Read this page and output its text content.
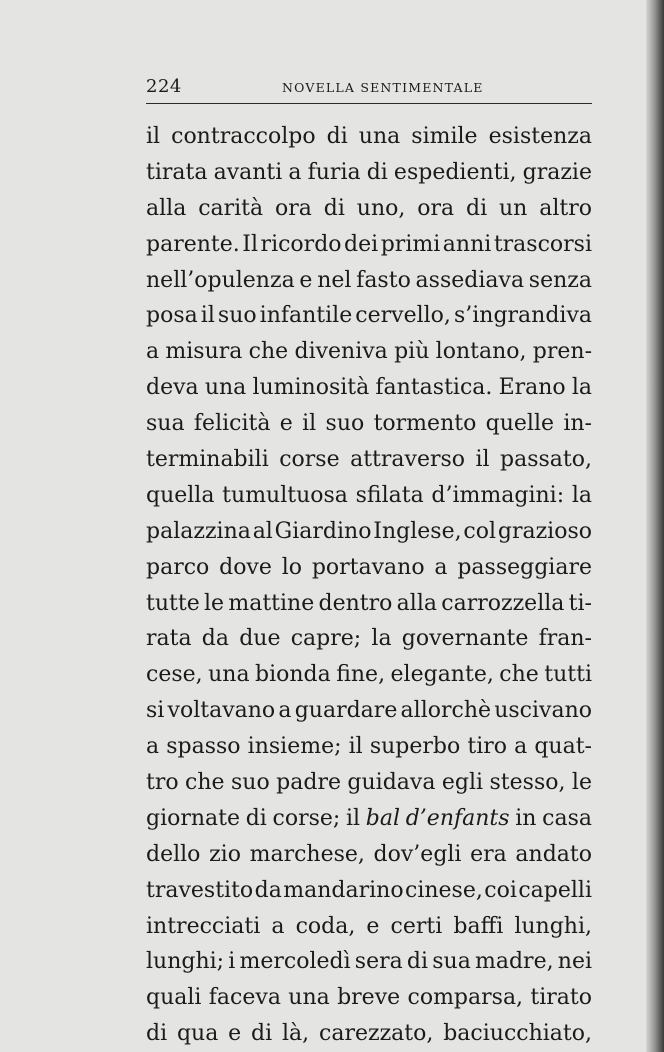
224	NOVELLA SENTIMENTALE
il contraccolpo di una simile esistenza
tirata avanti a furia di espedienti, grazie
alla carità ora di uno, ora di un altro
parente. Il ricordo dei primi anni trascorsi
nell’opulenza e nel fasto assediava senza
posa il suo infantile cervello, s’ingrandiva
a misura che diveniva più lontano, pren-
deva una luminosità fantastica. Erano la
sua felicità e il suo tormento quelle in-
terminabili corse attraverso il passato,
quella tumultuosa sfilata d’immagini: la
palazzina al Giardino Inglese, col grazioso
parco dove lo portavano a passeggiare
tutte le mattine dentro alla carrozzella ti-
rata da due capre; la governante fran-
cese, una bionda fine, elegante, che tutti
si voltavano a guardare allorchè uscivano
a spasso insieme; il superbo tiro a quat-
tro che suo padre guidava egli stesso, le
giornate di corse; il bal d’enfants in casa
dello zio marchese, dov’egli era andato
travestito da mandarino cinese, coi capelli
intrecciati a coda, e certi baffi lunghi,
lunghi; i mercoledì sera di sua madre, nei
quali faceva una breve comparsa, tirato
di qua e di là, carezzato, baciucchiato,
